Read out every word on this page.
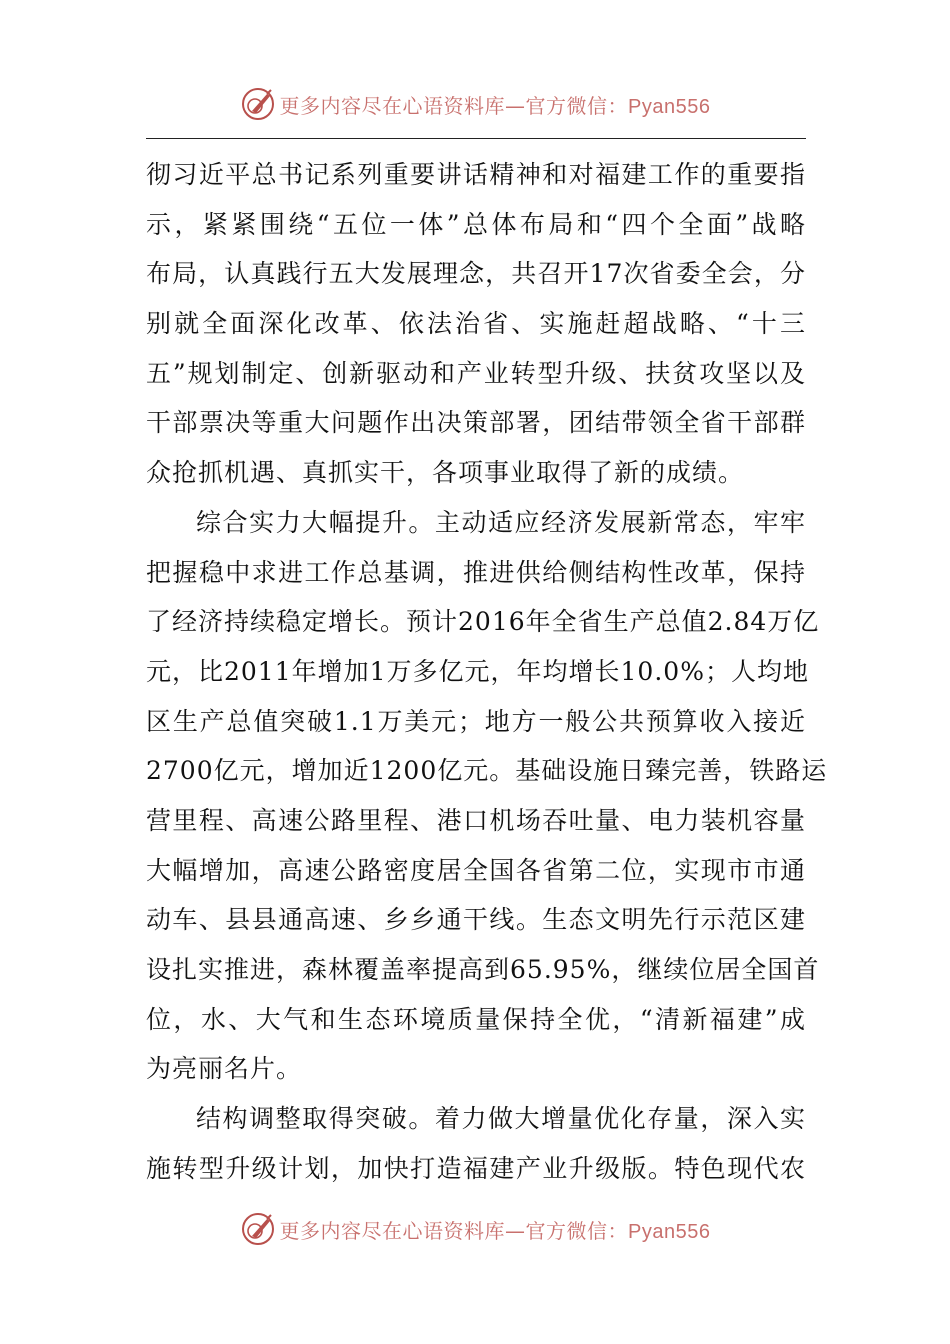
更多内容尽在心语资料库—官方微信：Pyan556
彻习近平总书记系列重要讲话精神和对福建工作的重要指
示，紧紧围绕“五位一体”总体布局和“四个全面”战略
布局，认真践行五大发展理念，共召开17次省委全会，分
别就全面深化改革、依法治省、实施赶超战略、“十三
五”规划制定、创新驱动和产业转型升级、扶贫攻坚以及
干部票决等重大问题作出决策部署，团结带领全省干部群
众抢抓机遇、真抓实干，各项事业取得了新的成绩。
综合实力大幅提升。主动适应经济发展新常态，牢牢
把握稳中求进工作总基调，推进供给侧结构性改革，保持
了经济持续稳定增长。预计2016年全省生产总值2.84万亿
元，比2011年增加1万多亿元，年均增长10.0%；人均地
区生产总值突破1.1万美元；地方一般公共预算收入接近
2700亿元，增加近1200亿元。基础设施日臻完善，铁路运
营里程、高速公路里程、港口机场吞吐量、电力装机容量
大幅增加，高速公路密度居全国各省第二位，实现市市通
动车、县县通高速、乡乡通干线。生态文明先行示范区建
设扎实推进，森林覆盖率提高到65.95%，继续位居全国首
位，水、大气和生态环境质量保持全优，“清新福建”成
为亮丽名片。
结构调整取得突破。着力做大增量优化存量，深入实
施转型升级计划，加快打造福建产业升级版。特色现代农
更多内容尽在心语资料库—官方微信：Pyan556
